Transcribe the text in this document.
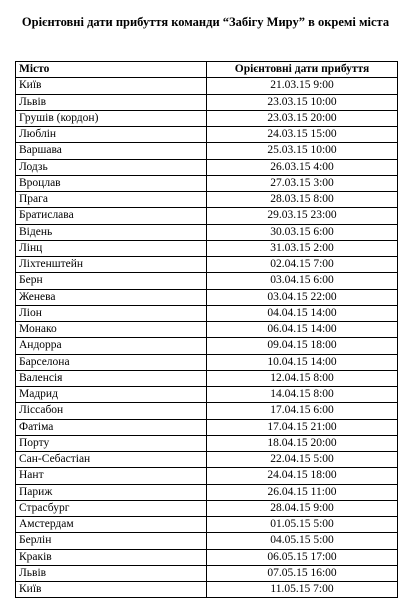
Орієнтовні дати прибуття команди “Забігу Миру” в окремі міста
Місто	Орієнтовні дати прибуття
Київ	21.03.15 9:00
Львів	23.03.15 10:00
Грушів (кордон)	23.03.15 20:00
Люблін	24.03.15 15:00
Варшава	25.03.15 10:00
Лодзь	26.03.15 4:00
Вроцлав	27.03.15 3:00
Прага	28.03.15 8:00
Братислава	29.03.15 23:00
Відень	30.03.15 6:00
Лінц	31.03.15 2:00
Ліхтенштейн	02.04.15 7:00
Берн	03.04.15 6:00
Женева	03.04.15 22:00
Ліон	04.04.15 14:00
Монако	06.04.15 14:00
Андорра	09.04.15 18:00
Барселона	10.04.15 14:00
Валенсія	12.04.15 8:00
Мадрид	14.04.15 8:00
Ліссабон	17.04.15 6:00
Фатіма	17.04.15 21:00
Порту	18.04.15 20:00
Сан-Себастіан	22.04.15 5:00
Нант	24.04.15 18:00
Париж	26.04.15 11:00
Страсбург	28.04.15 9:00
Амстердам	01.05.15 5:00
Берлін	04.05.15 5:00
Краків	06.05.15 17:00
Львів	07.05.15 16:00
Київ	11.05.15 7:00
